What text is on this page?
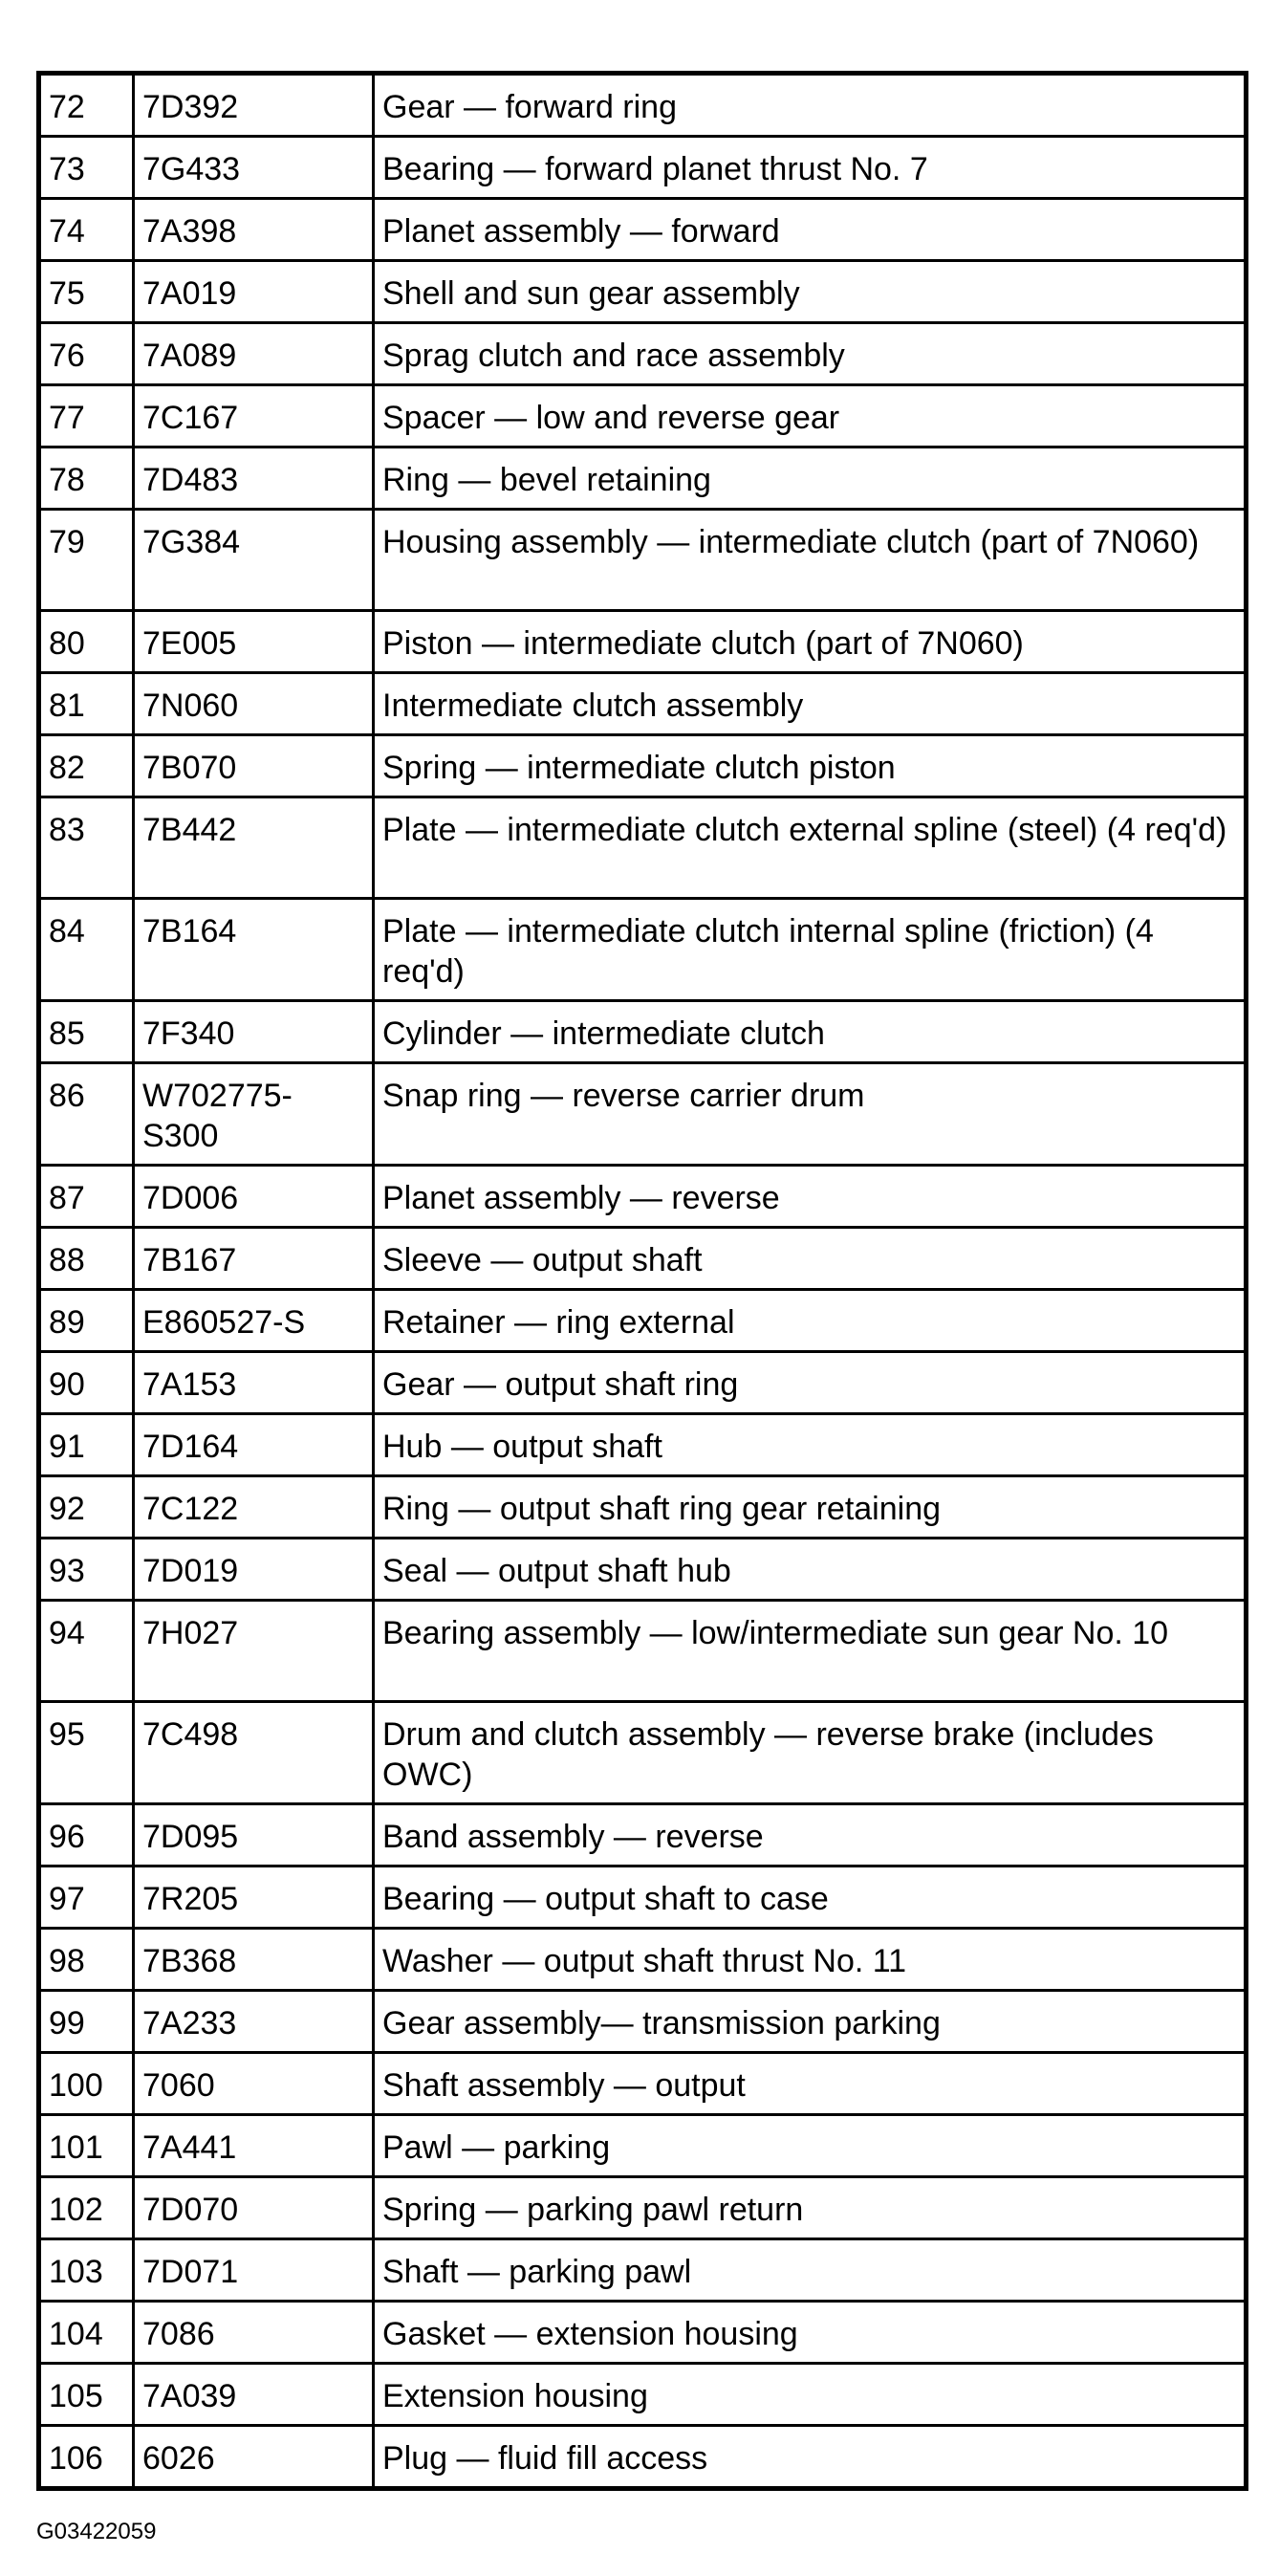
72	7D392	Gear — forward ring
73	7G433	Bearing — forward planet thrust No. 7
74	7A398	Planet assembly — forward
75	7A019	Shell and sun gear assembly
76	7A089	Sprag clutch and race assembly
77	7C167	Spacer — low and reverse gear
78	7D483	Ring — bevel retaining
79	7G384	Housing assembly — intermediate clutch (part of 7N060)
80	7E005	Piston — intermediate clutch (part of 7N060)
81	7N060	Intermediate clutch assembly
82	7B070	Spring — intermediate clutch piston
83	7B442	Plate — intermediate clutch external spline (steel) (4 req'd)
84	7B164	Plate — intermediate clutch internal spline (friction) (4 req'd)
85	7F340	Cylinder — intermediate clutch
86	W702775-S300	Snap ring — reverse carrier drum
87	7D006	Planet assembly — reverse
88	7B167	Sleeve — output shaft
89	E860527-S	Retainer — ring external
90	7A153	Gear — output shaft ring
91	7D164	Hub — output shaft
92	7C122	Ring — output shaft ring gear retaining
93	7D019	Seal — output shaft hub
94	7H027	Bearing assembly — low/intermediate sun gear No. 10
95	7C498	Drum and clutch assembly — reverse brake (includes OWC)
96	7D095	Band assembly — reverse
97	7R205	Bearing — output shaft to case
98	7B368	Washer — output shaft thrust No. 11
99	7A233	Gear assembly— transmission parking
100	7060	Shaft assembly — output
101	7A441	Pawl — parking
102	7D070	Spring — parking pawl return
103	7D071	Shaft — parking pawl
104	7086	Gasket — extension housing
105	7A039	Extension housing
106	6026	Plug — fluid fill access
G03422059
